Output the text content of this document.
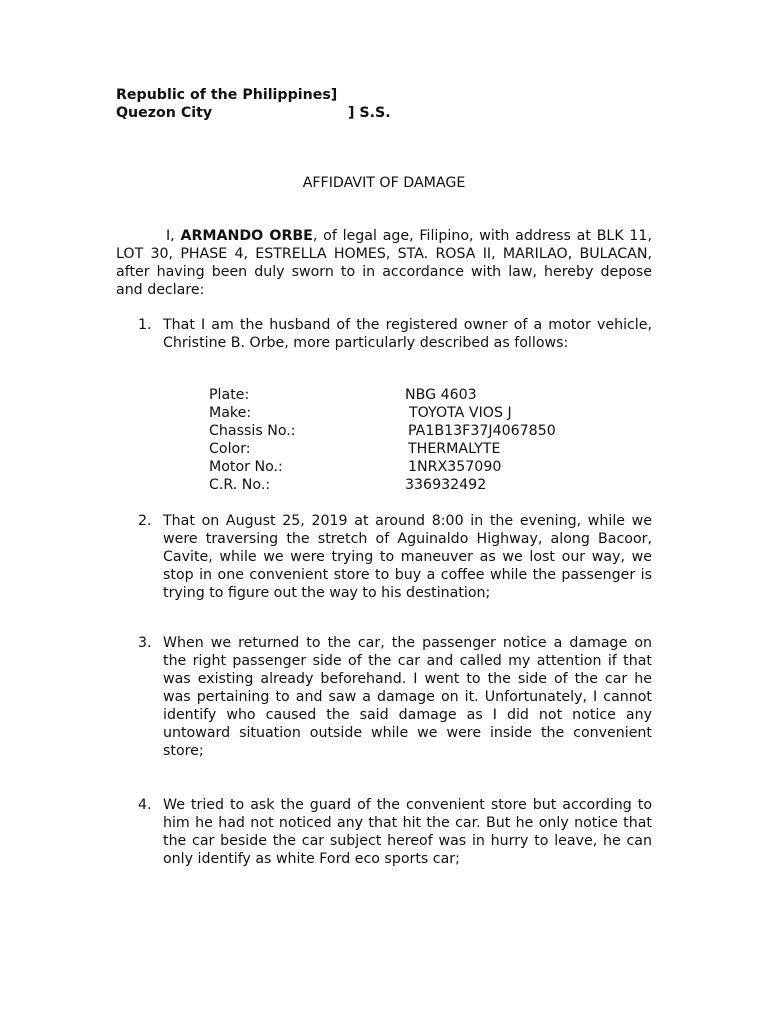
Republic of the Philippines]
Quezon City	] S.S.
AFFIDAVIT OF DAMAGE
I, ARMANDO ORBE, of legal age, Filipino, with address at BLK 11, LOT 30, PHASE 4, ESTRELLA HOMES, STA. ROSA II, MARILAO, BULACAN, after having been duly sworn to in accordance with law, hereby depose and declare:
1. That I am the husband of the registered owner of a motor vehicle, Christine B. Orbe, more particularly described as follows:
Plate:	NBG 4603
Make:	TOYOTA VIOS J
Chassis No.:	PA1B13F37J4067850
Color:	THERMALYTE
Motor No.:	1NRX357090
C.R. No.:	336932492
2. That on August 25, 2019 at around 8:00 in the evening, while we were traversing the stretch of Aguinaldo Highway, along Bacoor, Cavite, while we were trying to maneuver as we lost our way, we stop in one convenient store to buy a coffee while the passenger is trying to figure out the way to his destination;
3. When we returned to the car, the passenger notice a damage on the right passenger side of the car and called my attention if that was existing already beforehand. I went to the side of the car he was pertaining to and saw a damage on it. Unfortunately, I cannot identify who caused the said damage as I did not notice any untoward situation outside while we were inside the convenient store;
4. We tried to ask the guard of the convenient store but according to him he had not noticed any that hit the car. But he only notice that the car beside the car subject hereof was in hurry to leave, he can only identify as white Ford eco sports car;
